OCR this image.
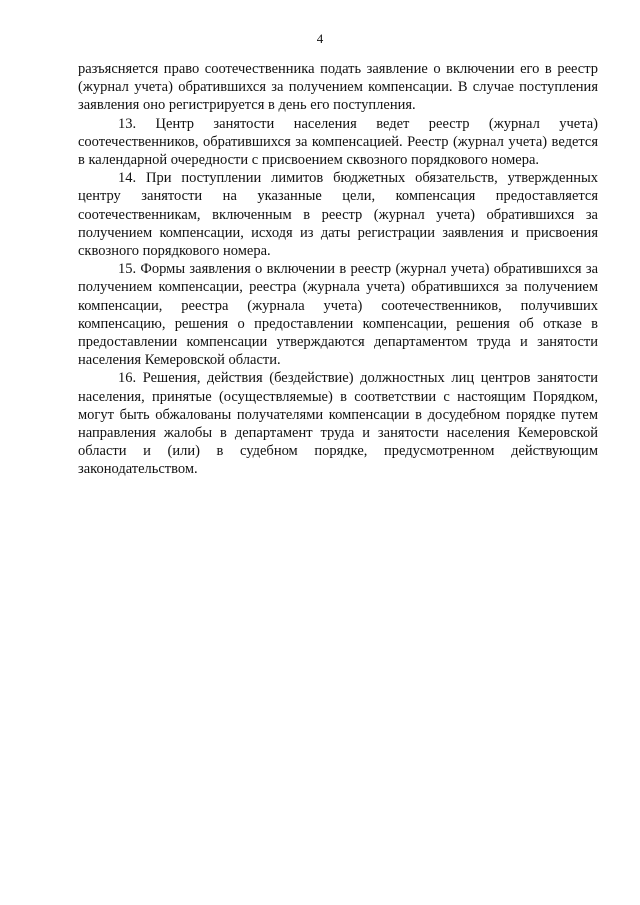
4

разъясняется право соотечественника подать заявление о включении его в реестр (журнал учета) обратившихся за получением компенсации. В случае поступления заявления оно регистрируется в день его поступления.

13. Центр занятости населения ведет реестр (журнал учета) соотечественников, обратившихся за компенсацией. Реестр (журнал учета) ведется в календарной очередности с присвоением сквозного порядкового номера.

14. При поступлении лимитов бюджетных обязательств, утвержденных центру занятости на указанные цели, компенсация предоставляется соотечественникам, включенным в реестр (журнал учета) обратившихся за получением компенсации, исходя из даты регистрации заявления и присвоения сквозного порядкового номера.

15. Формы заявления о включении в реестр (журнал учета) обратившихся за получением компенсации, реестра (журнала учета) обратившихся за получением компенсации, реестра (журнала учета) соотечественников, получивших компенсацию, решения о предоставлении компенсации, решения об отказе в предоставлении компенсации утверждаются департаментом труда и занятости населения Кемеровской области.

16. Решения, действия (бездействие) должностных лиц центров занятости населения, принятые (осуществляемые) в соответствии с настоящим Порядком, могут быть обжалованы получателями компенсации в досудебном порядке путем направления жалобы в департамент труда и занятости населения Кемеровской области и (или) в судебном порядке, предусмотренном действующим законодательством.
